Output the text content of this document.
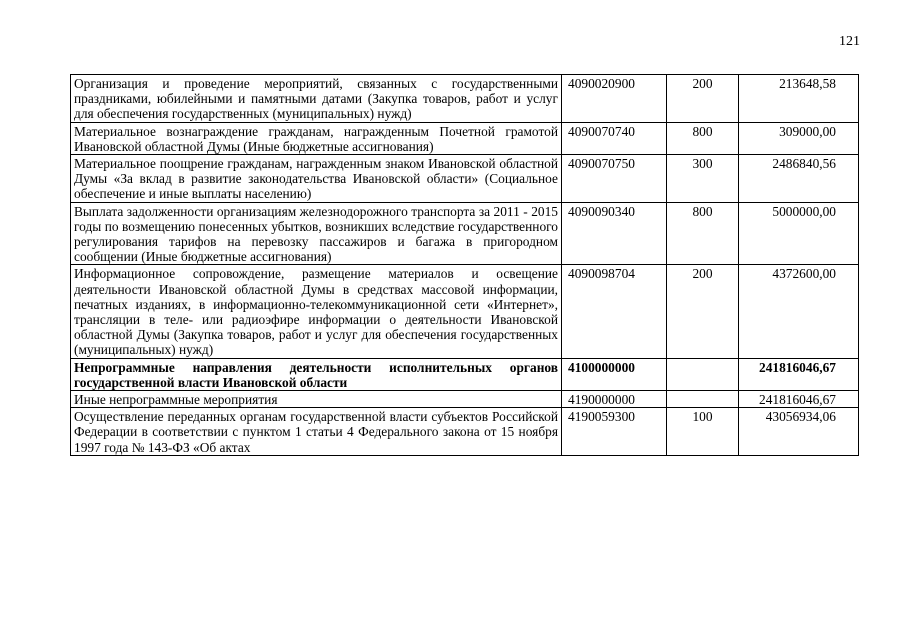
121
Организация и проведение мероприятий, связанных с государственными праздниками, юбилейными и памятными датами (Закупка товаров, работ и услуг для обеспечения государственных (муниципальных) нужд)	4090020900	200	213648,58
Материальное вознаграждение гражданам, награжденным Почетной грамотой Ивановской областной Думы (Иные бюджетные ассигнования)	4090070740	800	309000,00
Материальное поощрение гражданам, награжденным знаком Ивановской областной Думы «За вклад в развитие законодательства Ивановской области» (Социальное обеспечение и иные выплаты населению)	4090070750	300	2486840,56
Выплата задолженности организациям железнодорожного транспорта за 2011 - 2015 годы по возмещению понесенных убытков, возникших вследствие государственного регулирования тарифов на перевозку пассажиров и багажа в пригородном сообщении (Иные бюджетные ассигнования)	4090090340	800	5000000,00
Информационное сопровождение, размещение материалов и освещение деятельности Ивановской областной Думы в средствах массовой информации, печатных изданиях, в информационно-телекоммуникационной сети «Интернет», трансляции в теле- или радиоэфире информации о деятельности Ивановской областной Думы (Закупка товаров, работ и услуг для обеспечения государственных (муниципальных) нужд)	4090098704	200	4372600,00
Непрограммные направления деятельности исполнительных органов государственной власти Ивановской области	4100000000		241816046,67
Иные непрограммные мероприятия	4190000000		241816046,67
Осуществление переданных органам государственной власти субъектов Российской Федерации в соответствии с пунктом 1 статьи 4 Федерального закона от 15 ноября 1997 года № 143-ФЗ «Об актах	4190059300	100	43056934,06
